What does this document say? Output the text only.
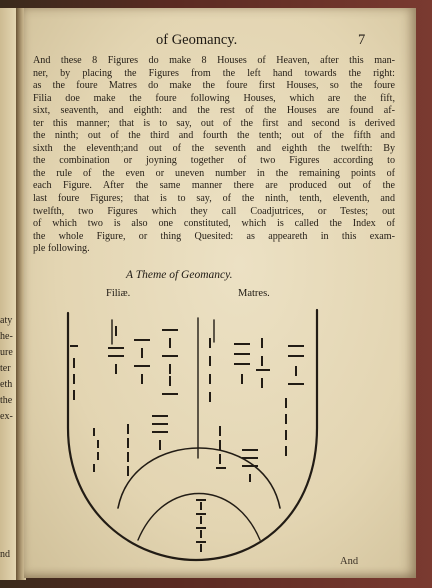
aty
he-
ure
ter
eth
the
ex-
nd
of Geomancy.	7
And these 8 Figures do make 8 Houses of Heaven, after this man-
ner, by placing the Figures from the left hand towards the right:
as the foure Matres do make the foure first Houses, so the foure
Filia doe make the foure following Houses, which are the fift,
sixt, seaventh, and eighth: and the rest of the Houses are found af-
ter this manner; that is to say, out of the first and second is derived
the ninth; out of the third and fourth the tenth; out of the fifth and
sixth the eleventh;and out of the seventh and eighth the twelfth: By
the combination or joyning together of two Figures according to
the rule of the even or uneven number in the remaining points of
each Figure. After the same manner there are produced out of the
last foure Figures; that is to say, of the ninth, tenth, eleventh, and
twelfth, two Figures which they call Coadjutrices, or Testes; out
of which two is also one constituted, which is called the Index of
the whole Figure, or thing Quesited: as appeareth in this exam-
ple following.
A Theme of Geomancy.
Filiæ.	Matres.
And
